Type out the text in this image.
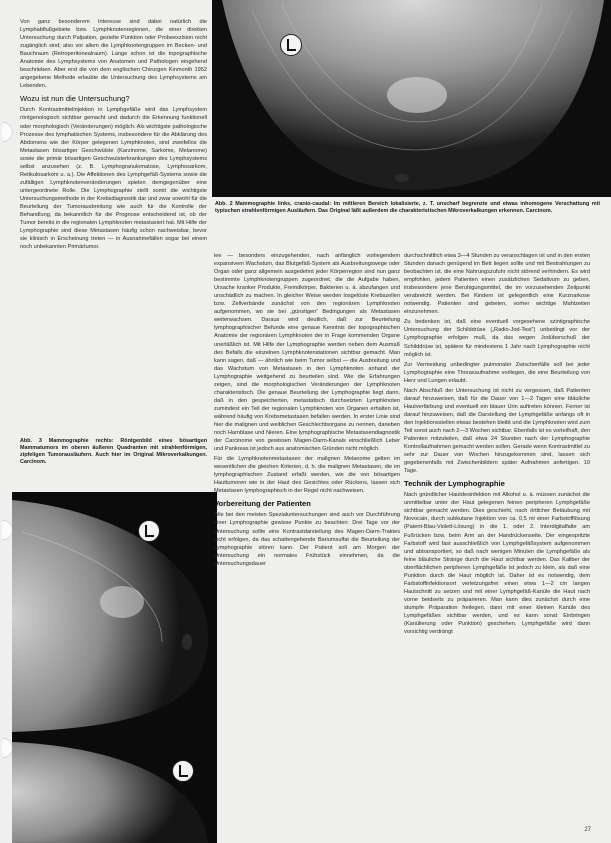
Von ganz besonderem Interesse sind dabei natürlich die Lymphabflußgebiete bzw. Lymphknotenregionen, die einer direkten Untersuchung durch Palpation, gezielte Punktion oder Probeexzision nicht zugänglich sind; also vor allem die Lymphknotengruppen im Becken- und Bauchraum (Retroperitonealraum). Lange schon ist die topographische Anatomie des Lymphsystems von Anatomen und Pathologen eingehend beschrieben. Aber erst die von dem englischen Chirurgen Kinmonth 1952 angegebene Methode erlaubte die Untersuchung des Lymphsystems am Lebenden.

Wozu ist nun die Untersuchung?

Durch Kontrastmittelinjektion in Lymphgefäße wird das Lymphsystem röntgenologisch sichtbar gemacht und dadurch die Erkennung funktionell oder morphologisch (Veränderungen) möglich. Als wichtigste pathologische Prozesse des lymphatischen Systems, insbesondere für die Abklärung des Abdomens wie der Körper gelegenen Lymphknoten, sind zweifellos die Metastasen bösartiger Geschwülste (Karzinome, Sarkome, Melanome) sowie die primär bösartigen Geschwulsterkrankungen des Lymphsystems selbst anzusehen (z. B. Lymphogranulomatose, Lymphosarkom, Retikulosarkom u. a.). Die Affektionen des Lymphgefäß-Systems sowie die zufälligen Lymphknotenveränderungen spielen demgegenüber eine untergeordnete Rolle. Die Lymphographie stellt somit die wichtigste Untersuchungsmethode in der Krebsdiagnostik dar und zwar sowohl für die Beurteilung der Tumorausbreitung wie auch für die Kontrolle der Behandlung, da bekanntlich für die Prognose entscheidend ist, ob der Tumor bereits in die regionalen Lymphknoten metastasiert hat. Mit Hilfe der Lymphographie sind diese Metastasen häufig schon nachweisbar, bevor sie klinisch in Erscheinung treten — in Ausnahmefällen sogar bei einem noch unbekannten Primärtumor.

Abb. 2 Mammographie links, cranio-caudal: Im mittleren Bereich lokalisierte, z. T. unscharf begrenzte und etwas inhomogene Verschattung mit typischen strahlenförmigen Ausläufern. Das Original läßt außerdem die charakteristischen Mikroverkalkungen erkennen. Carcinom.
Abb. 3 Mammographie rechts: Röntgenbild eines bösartigen Mammatumors im oberen äußeren Quadranten mit strahlenförmigen, zipfeligen Tumorausläufern. Auch hier im Original Mikroverkalkungen. Carcinom.

lee — besonders einzugehenden, nach anfänglich vorliegendem expansivem Wachstum, das Blutgefäß-System als Ausbreitungswege oder Organ oder ganz allgemein ausgedehnt jeder Körperregion sind nun ganz bestimmte Lymphknotengruppen zugeordnet, die die Aufgabe haben, Ursache kranker Produkte, Fremdkörper, Bakterien u. ä. abzufangen und unschädlich zu machen. In gleicher Weise werden losgelöste Krebszellen bzw. Zellverbände zunächst von den regionären Lymphknoten aufgenommen, wo sie bei „günstigen“ Bedingungen als Metastasen weiterwachsen. Daraus wird deutlich, daß zur Beurteilung lymphographischer Befunde eine genaue Kenntnis der topographischen Anatomie der regionären Lymphknoten der in Frage kommenden Organe unerläßlich ist. Mit Hilfe der Lymphographie werden neben dem Ausmaß des Befalls die einzelnen Lymphknotenstationen sichtbar gemacht. Man kann sagen, daß — ähnlich wie beim Tumor selbst — die Ausbreitung und das Wachstum von Metastasen in den Lymphknoten anhand der Lymphographie weitgehend zu beurteilen sind. Wie die Erfahrungen zeigen, sind die morphologischen Veränderungen der Lymphknoten charakteristisch. Die genaue Beurteilung der Lymphographie liegt dann, daß in den gespeicherten, metastatisch durchsetzten Lymphknoten zumindest ein Teil der regionalen Lymphknoten von Organen erhalten ist, während häufig von Krebsmetastasen befallen werden. In erster Linie sind hier die malignen und weiblichen Geschlechtsorgane zu nennen, daneben noch Harnblase und Nieren. Eine lymphographische Metastasendiagnostik der Carcinome von gewissen Magen-Darm-Kanals einschließlich Leber und Pankreas ist jedoch aus anatomischen Gründen nicht möglich.

Für die Lymphknotenmetastasen der malignen Melanome gelten im wesentlichen die gleichen Kriterien, d. h. die malignen Metastasen, die im lymphographischen Zustand erfaßt werden, wie die von bösartigen Hauttumoren wie in der Haut des Gesichtes oder Rückens, lassen sich Metastasen lymphographisch in der Regel nicht nachweisen.

Vorbereitung der Patienten

Wie bei den meisten Spezialuntersuchungen sind auch vor Durchführung einer Lymphographie gewisse Punkte zu beachten: Drei Tage vor der Untersuchung sollte eine Kontrastdarstellung des Magen-Darm-Traktes nicht erfolgen, da das schattengebende Bariumsulfat die Beurteilung der Lymphographie stören kann. Der Patient soll am Morgen der Untersuchung ein normales Frühstück einnehmen, da die Untersuchungsdauer

durchschnittlich etwa 3—4 Stunden zu veranschlagen ist und in den ersten Stunden danach genügend im Bett liegen sollte und mit Bestrahlungen zu beobachten ist, die eine Nahrungszufuhr nicht störend verhindern. Es wird empfohlen, jedem Patienten einen zusätzlichen Sedativum zu geben, insbesondere jene Beruhigungsmittel, die im vorzusehenden Zeitpunkt verabreicht werden. Bei Kindern ist gelegentlich eine Kurznarkose notwendig. Patienten sind gebeten, vorher wichtige Mahlzeiten einzunehmen.

Zu bedenken ist, daß eine eventuell vorgesehene szintigraphische Untersuchung der Schilddrüse („Radio-Jod-Test“) unbedingt vor der Lymphographie erfolgen muß, da das wegen Jodüberschuß der Schilddrüse ist, spätere für mindestens 1 Jahr nach Lymphographie nicht möglich ist.

Zur Vermeidung unbedingter pulmonaler Zwischenfälle soll bei jeder Lymphographie eine Thoraxaufnahme vorliegen, die eine Beurteilung von Herz und Lungen erlaubt.

Nach Abschluß der Untersuchung ist nicht zu vergessen, daß Patienten darauf hinzuweisen, daß für die Dauer von 1—2 Tagen eine bläuliche Hautverfärbung und eventuell ein blauer Urin auftreten können. Ferner ist darauf hinzuweisen, daß die Darstellung der Lymphgefäße anfangs oft in den Injektionsstellen etwas bestehen bleibt und die Lymphknoten wird zum Teil sonst auch nach 2—3 Wochen sichtbar. Ebenfalls ist es vorteilhaft, den Patienten mitzuteilen, daß etwa 24 Stunden nach der Lymphographie Kontrollaufnahmen gemacht werden sollen. Gerade wenn Kontrastmittel zu sehr zur Dauer von Wochen hinzugekommen sind, lassen sich gegebenenfalls mit Zwischenbildern später Aufnahmen anfertigen. 10 Tage.

Technik der Lymphographie

Nach gründlicher Hautdesinfektion mit Alkohol u. ä. müssen zunächst die unmittelbar unter der Haut gelegenen feinen peripheren Lymphgefäße sichtbar gemacht werden. Dies geschieht, nach örtlicher Betäubung mit Novocain, durch subkutane Injektion von ca. 0,5 ml einer Farbstofflösung (Patent-Blau-Violett-Lösung) in die 1. oder 2. Interdigitalfalte am Fußrücken bzw. beim Arm an der Handrückenseite. Der eingespritzte Farbstoff wird fast ausschließlich von Lymphgefäßsystem aufgenommen und abtransportiert, so daß nach wenigen Minuten die Lymphgefäße als feine bläuliche Stränge durch die Haut sichtbar werden. Das Kaliber der oberflächlichen peripheren Lymphgefäße ist jedoch zu klein, als daß eine Punktion durch die Haut möglich ist. Daher ist es notwendig, dem Farbstoffinfektionsort verletzungsfrei einen etwa 1—2 cm langen Hautschnitt zu setzen und mit einer Lymphgefäß-Kanüle die Haut nach vorne beidseits zu präparieren. Man kann dies zunächst durch eine stumpfe Präparation freilegen, dann mit einer kleinen Kanüle des Lymphgefäßes sichtbar werden, und es kann sonst Einbringen (Kanülierung oder Punktion) geschehen. Lymphgefäße wird dann vorsichtig verdrängt

27
